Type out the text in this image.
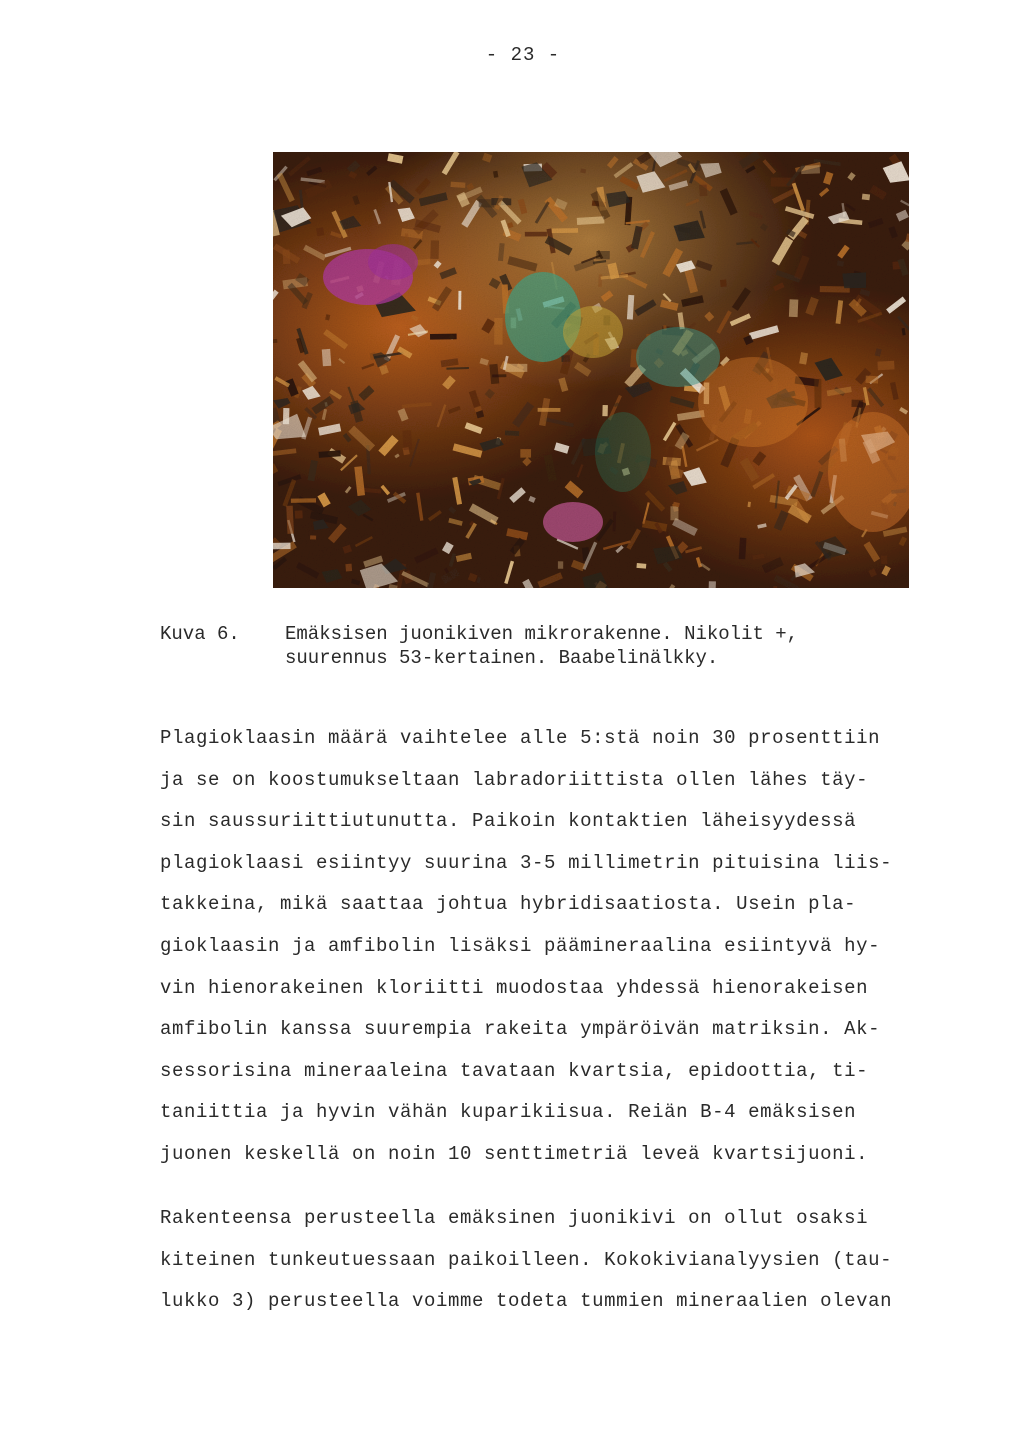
- 23 -
Kuva 6. Emäksisen juonikiven mikrorakenne. Nikolit +,
suurennus 53-kertainen. Baabelinälkky.
Plagioklaasin määrä vaihtelee alle 5:stä noin 30 prosenttiin
ja se on koostumukseltaan labradoriittista ollen lähes täy-
sin saussuriittiutunutta. Paikoin kontaktien läheisyydessä
plagioklaasi esiintyy suurina 3-5 millimetrin pituisina liis-
takkeina, mikä saattaa johtua hybridisaatiosta. Usein pla-
gioklaasin ja amfibolin lisäksi päämineraalina esiintyvä hy-
vin hienorakeinen kloriitti muodostaa yhdessä hienorakeisen
amfibolin kanssa suurempia rakeita ympäröivän matriksin. Ak-
sessorisina mineraaleina tavataan kvartsia, epidoottia, ti-
taniittia ja hyvin vähän kuparikiisua. Reiän B-4 emäksisen
juonen keskellä on noin 10 senttimetriä leveä kvartsijuoni.
Rakenteensa perusteella emäksinen juonikivi on ollut osaksi
kiteinen tunkeutuessaan paikoilleen. Kokokivianalyysien (tau-
lukko 3) perusteella voimme todeta tummien mineraalien olevan
